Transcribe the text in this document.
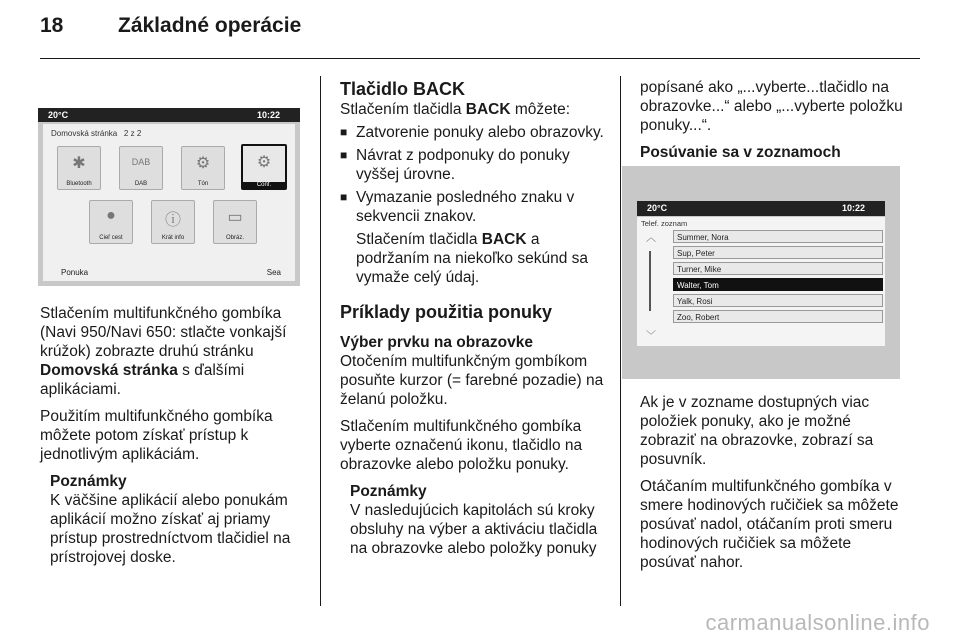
18	Základné operácie
20°C	10:22
Domovská stránka 2 z 2
✱
Bluetooth
DAB
DAB
⚙
Tón
⚙
Conf.
●
Cieľ cest
ⓘ
Krát info
▭
Obráz.
Ponuka	Sea

Stlačením multifunkčného gombíka (Navi 950/Navi 650: stlačte vonkajší krúžok) zobrazte druhú stránku Domovská stránka s ďalšími aplikáciami.

Použitím multifunkčného gombíka môžete potom získať prístup k jednotlivým aplikáciám.

Poznámky
K väčšine aplikácií alebo ponukám aplikácií možno získať aj priamy prístup prostredníctvom tlačidiel na prístrojovej doske.
Tlačidlo BACK

Stlačením tlačidla BACK môžete:

■ Zatvorenie ponuky alebo obrazovky.
■ Návrat z podponuky do ponuky vyššej úrovne.
■ Vymazanie posledného znaku v sekvencii znakov.

Stlačením tlačidla BACK a podržaním na niekoľko sekúnd sa vymaže celý údaj.

Príklady použitia ponuky
Výber prvku na obrazovke

Otočením multifunkčným gombíkom posuňte kurzor (= farebné pozadie) na želanú položku.

Stlačením multifunkčného gombíka vyberte označenú ikonu, tlačidlo na obrazovke alebo položku ponuky.

Poznámky
V nasledujúcich kapitolách sú kroky obsluhy na výber a aktiváciu tlačidla na obrazovke alebo položky ponuky

popísané ako „...vyberte...tlačidlo na obrazovke...“ alebo „...vyberte položku ponuky...“.

Posúvanie sa v zoznamoch
20°C	10:22
Telef. zoznam
︿
﹀
Summer, Nora
Sup, Peter
Turner, Mike
Walter, Tom
Yalk, Rosi
Zoo, Robert

Ak je v zozname dostupných viac položiek ponuky, ako je možné zobraziť na obrazovke, zobrazí sa posuvník.

Otáčaním multifunkčného gombíka v smere hodinových ručičiek sa môžete posúvať nadol, otáčaním proti smeru hodinových ručičiek sa môžete posúvať nahor.

carmanualsonline.info
